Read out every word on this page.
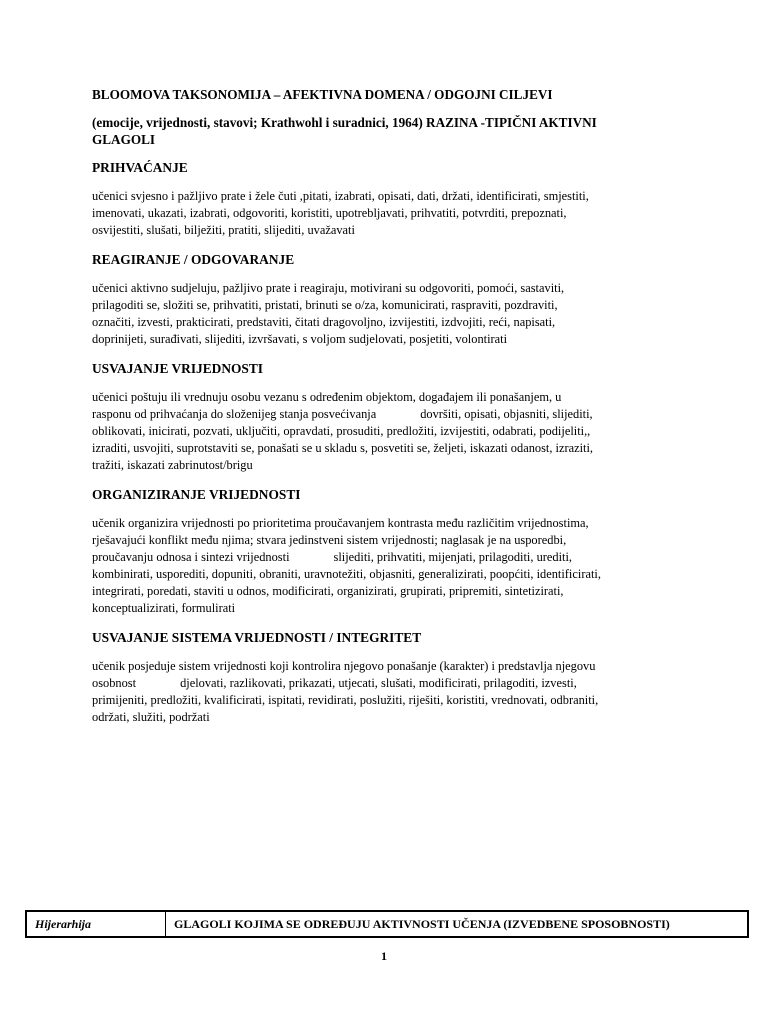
BLOOMOVA TAKSONOMIJA – AFEKTIVNA DOMENA / ODGOJNI CILJEVI
(emocije, vrijednosti, stavovi; Krathwohl i suradnici, 1964) RAZINA -TIPIČNI AKTIVNI
GLAGOLI
PRIHVAĆANJE
učenici svjesno i pažljivo prate i žele čuti ,pitati, izabrati, opisati, dati, držati, identificirati, smjestiti,
imenovati, ukazati, izabrati, odgovoriti, koristiti, upotrebljavati, prihvatiti, potvrditi, prepoznati,
osvijestiti, slušati, bilježiti, pratiti, slijediti, uvažavati
REAGIRANJE / ODGOVARANJE
učenici aktivno sudjeluju, pažljivo prate i reagiraju, motivirani su odgovoriti, pomoći, sastaviti,
prilagoditi se, složiti se, prihvatiti, pristati, brinuti se o/za, komunicirati, raspraviti, pozdraviti,
označiti, izvesti, prakticirati, predstaviti, čitati dragovoljno, izvijestiti, izdvojiti, reći, napisati,
doprinijeti, surađivati, slijediti, izvršavati, s voljom sudjelovati, posjetiti, volontirati
USVAJANJE VRIJEDNOSTI
učenici poštuju ili vrednuju osobu vezanu s određenim objektom, događajem ili ponašanjem, u
rasponu od prihvaćanja do složenijeg stanja posvećivanja	dovršiti, opisati, objasniti, slijediti,
oblikovati, inicirati, pozvati, uključiti, opravdati, prosuditi, predložiti, izvijestiti, odabrati, podijeliti,,
izraditi, usvojiti, suprotstaviti se, ponašati se u skladu s, posvetiti se, željeti, iskazati odanost, izraziti,
tražiti, iskazati zabrinutost/brigu
ORGANIZIRANJE VRIJEDNOSTI
učenik organizira vrijednosti po prioritetima proučavanjem kontrasta među različitim vrijednostima,
rješavajući konflikt među njima; stvara jedinstveni sistem vrijednosti; naglasak je na usporedbi,
proučavanju odnosa i sintezi vrijednosti	slijediti, prihvatiti, mijenjati, prilagoditi, urediti,
kombinirati, usporediti, dopuniti, obraniti, uravnotežiti, objasniti, generalizirati, poopćiti, identificirati,
integrirati, poredati, staviti u odnos, modificirati, organizirati, grupirati, pripremiti, sintetizirati,
konceptualizirati, formulirati
USVAJANJE SISTEMA VRIJEDNOSTI / INTEGRITET
učenik posjeduje sistem vrijednosti koji kontrolira njegovo ponašanje (karakter) i predstavlja njegovu
osobnost	djelovati, razlikovati, prikazati, utjecati, slušati, modificirati, prilagoditi, izvesti,
primijeniti, predložiti, kvalificirati, ispitati, revidirati, poslužiti, riješiti, koristiti, vrednovati, odbraniti,
održati, služiti, podržati
Hijerarhija	GLAGOLI KOJIMA SE ODREĐUJU AKTIVNOSTI UČENJA (IZVEDBENE SPOSOBNOSTI)
1
